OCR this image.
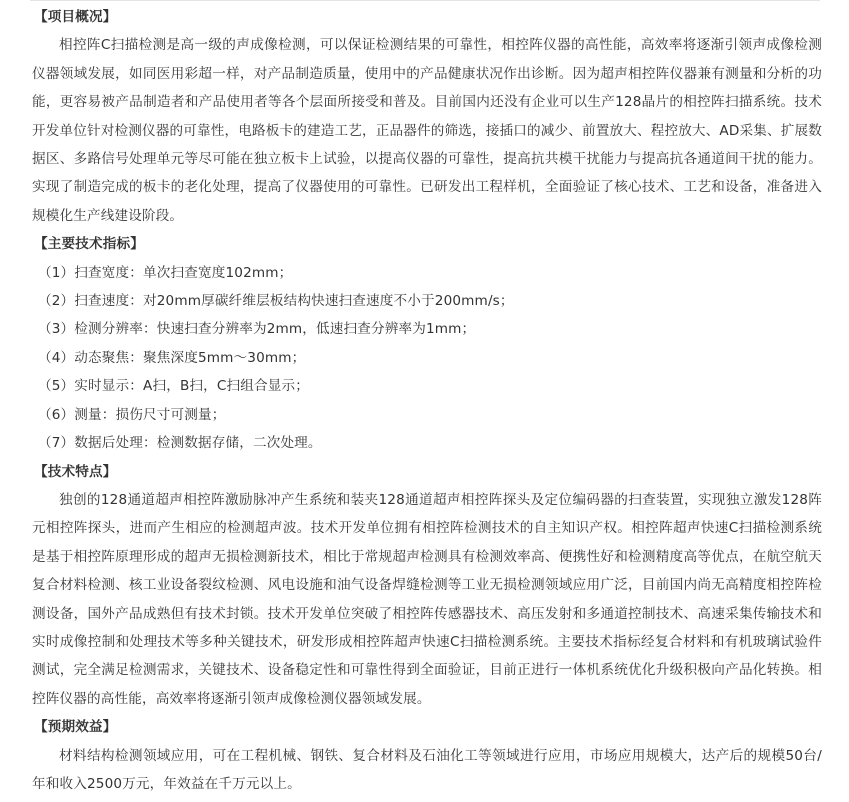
【项目概况】

相控阵C扫描检测是高一级的声成像检测，可以保证检测结果的可靠性，相控阵仪器的高性能，高效率将逐渐引领声成像检测仪器领域发展，如同医用彩超一样，对产品制造质量，使用中的产品健康状况作出诊断。因为超声相控阵仪器兼有测量和分析的功能，更容易被产品制造者和产品使用者等各个层面所接受和普及。目前国内还没有企业可以生产128晶片的相控阵扫描系统。技术开发单位针对检测仪器的可靠性，电路板卡的建造工艺，正品器件的筛选，接插口的减少、前置放大、程控放大、AD采集、扩展数据区、多路信号处理单元等尽可能在独立板卡上试验，以提高仪器的可靠性，提高抗共模干扰能力与提高抗各通道间干扰的能力。实现了制造完成的板卡的老化处理，提高了仪器使用的可靠性。已研发出工程样机，全面验证了核心技术、工艺和设备，准备进入规模化生产线建设阶段。

【主要技术指标】

（1）扫查宽度：单次扫查宽度102mm；

（2）扫查速度：对20mm厚碳纤维层板结构快速扫查速度不小于200mm/s；

（3）检测分辨率：快速扫查分辨率为2mm，低速扫查分辨率为1mm；

（4）动态聚焦：聚焦深度5mm～30mm；

（5）实时显示：A扫，B扫，C扫组合显示；

（6）测量：损伤尺寸可测量；

（7）数据后处理：检测数据存储，二次处理。

【技术特点】

独创的128通道超声相控阵激励脉冲产生系统和装夹128通道超声相控阵探头及定位编码器的扫查装置，实现独立激发128阵元相控阵探头，进而产生相应的检测超声波。技术开发单位拥有相控阵检测技术的自主知识产权。相控阵超声快速C扫描检测系统是基于相控阵原理形成的超声无损检测新技术，相比于常规超声检测具有检测效率高、便携性好和检测精度高等优点，在航空航天复合材料检测、核工业设备裂纹检测、风电设施和油气设备焊缝检测等工业无损检测领域应用广泛，目前国内尚无高精度相控阵检测设备，国外产品成熟但有技术封锁。技术开发单位突破了相控阵传感器技术、高压发射和多通道控制技术、高速采集传输技术和实时成像控制和处理技术等多种关键技术，研发形成相控阵超声快速C扫描检测系统。主要技术指标经复合材料和有机玻璃试验件测试，完全满足检测需求，关键技术、设备稳定性和可靠性得到全面验证，目前正进行一体机系统优化升级积极向产品化转换。相控阵仪器的高性能，高效率将逐渐引领声成像检测仪器领域发展。

【预期效益】

材料结构检测领域应用，可在工程机械、钢铁、复合材料及石油化工等领域进行应用，市场应用规模大，达产后的规模50台/年和收入2500万元，年效益在千万元以上。
